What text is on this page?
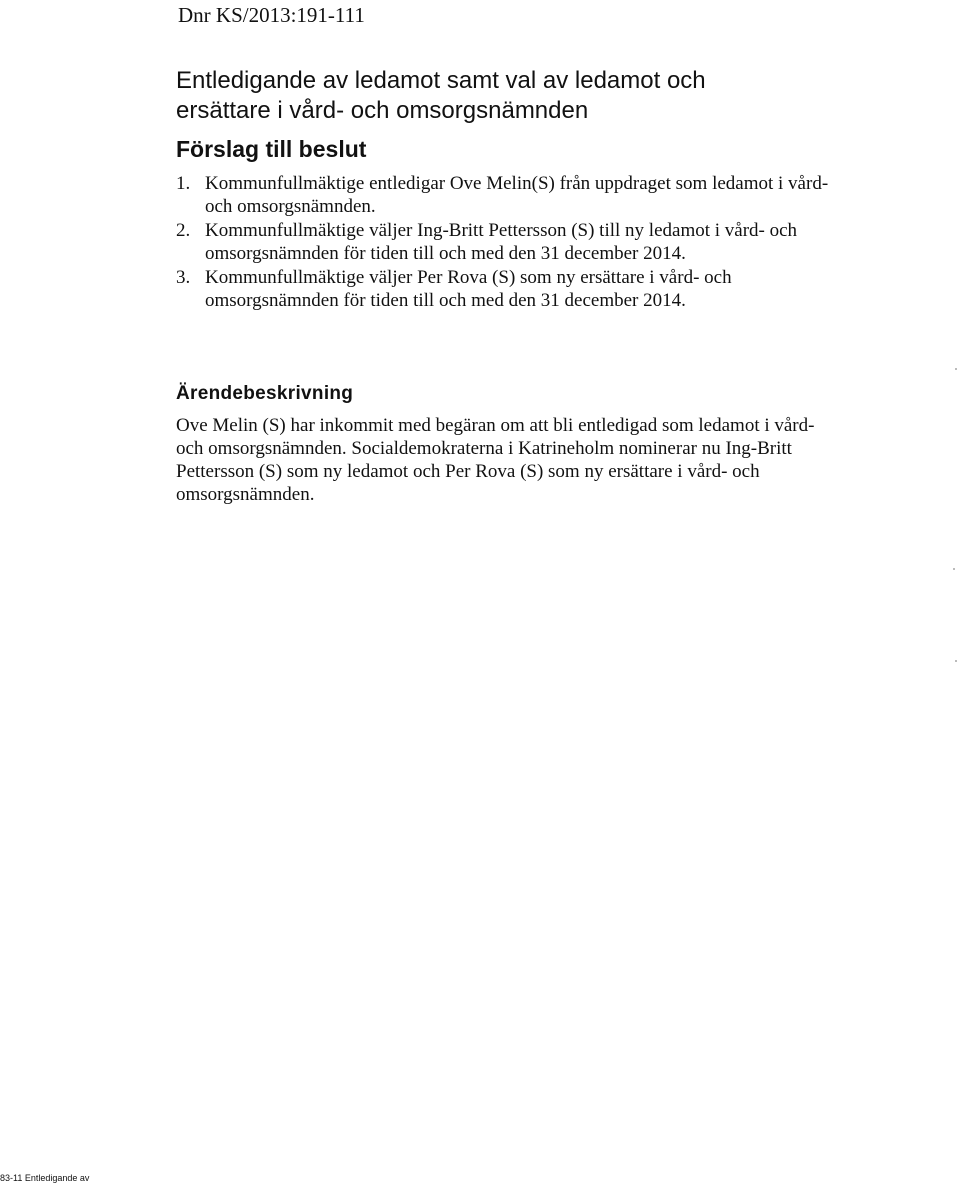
Dnr KS/2013:191-111
Entledigande av ledamot samt val av ledamot och
ersättare i vård- och omsorgsnämnden
Förslag till beslut
1. Kommunfullmäktige entledigar Ove Melin(S) från uppdraget som ledamot i vård-
och omsorgsnämnden.
2. Kommunfullmäktige väljer Ing-Britt Pettersson (S) till ny ledamot i vård- och
omsorgsnämnden för tiden till och med den 31 december 2014.
3. Kommunfullmäktige väljer Per Rova (S) som ny ersättare i vård- och
omsorgsnämnden för tiden till och med den 31 december 2014.
Ärendebeskrivning

Ove Melin (S) har inkommit med begäran om att bli entledigad som ledamot i vård-
och omsorgsnämnden. Socialdemokraterna i Katrineholm nominerar nu Ing-Britt
Pettersson (S) som ny ledamot och Per Rova (S) som ny ersättare i vård- och
omsorgsnämnden.

83-11 Entledigande av
